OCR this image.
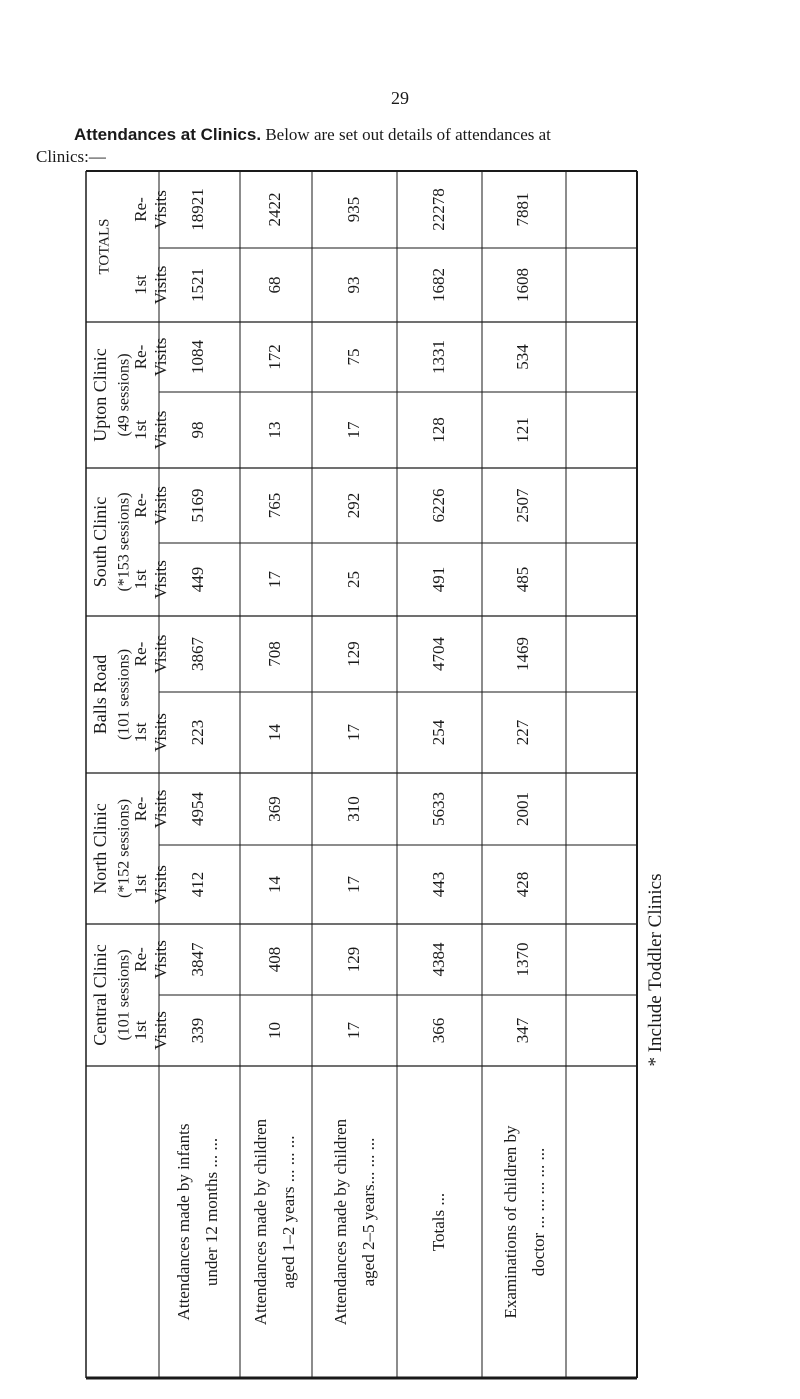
29
Attendances at Clinics. Below are set out details of attendances at
Clinics:—
TOTALS
Re- Visits
1st Visits
Upton Clinic (49 sessions)
Re- Visits
1st Visits
South Clinic (*153 sessions)
Re- Visits
1st Visits
Balls Road (101 sessions)
Re- Visits
1st Visits
North Clinic (*152 sessions)
Re- Visits
1st Visits
Central Clinic (101 sessions)
Re- Visits
1st Visits
18921
1521
1084
98
5169
449
3867
223
4954
412
3847
339
2422
68
172
13
765
17
708
14
369
14
408
10
935
93
75
17
292
25
129
17
310
17
129
17
22278
1682
1331
128
6226
491
4704
254
5633
443
4384
366
7881
1608
534
121
2507
485
1469
227
2001
428
1370
347
Attendances made by infants under 12 months ... ... Attendances made by children aged 1–2 years ... ... ... Attendances made by children aged 2–5 years... ... ...	Totals ...	Examinations of children by doctor ... ... ... ... ...
* Include Toddler Clinics
